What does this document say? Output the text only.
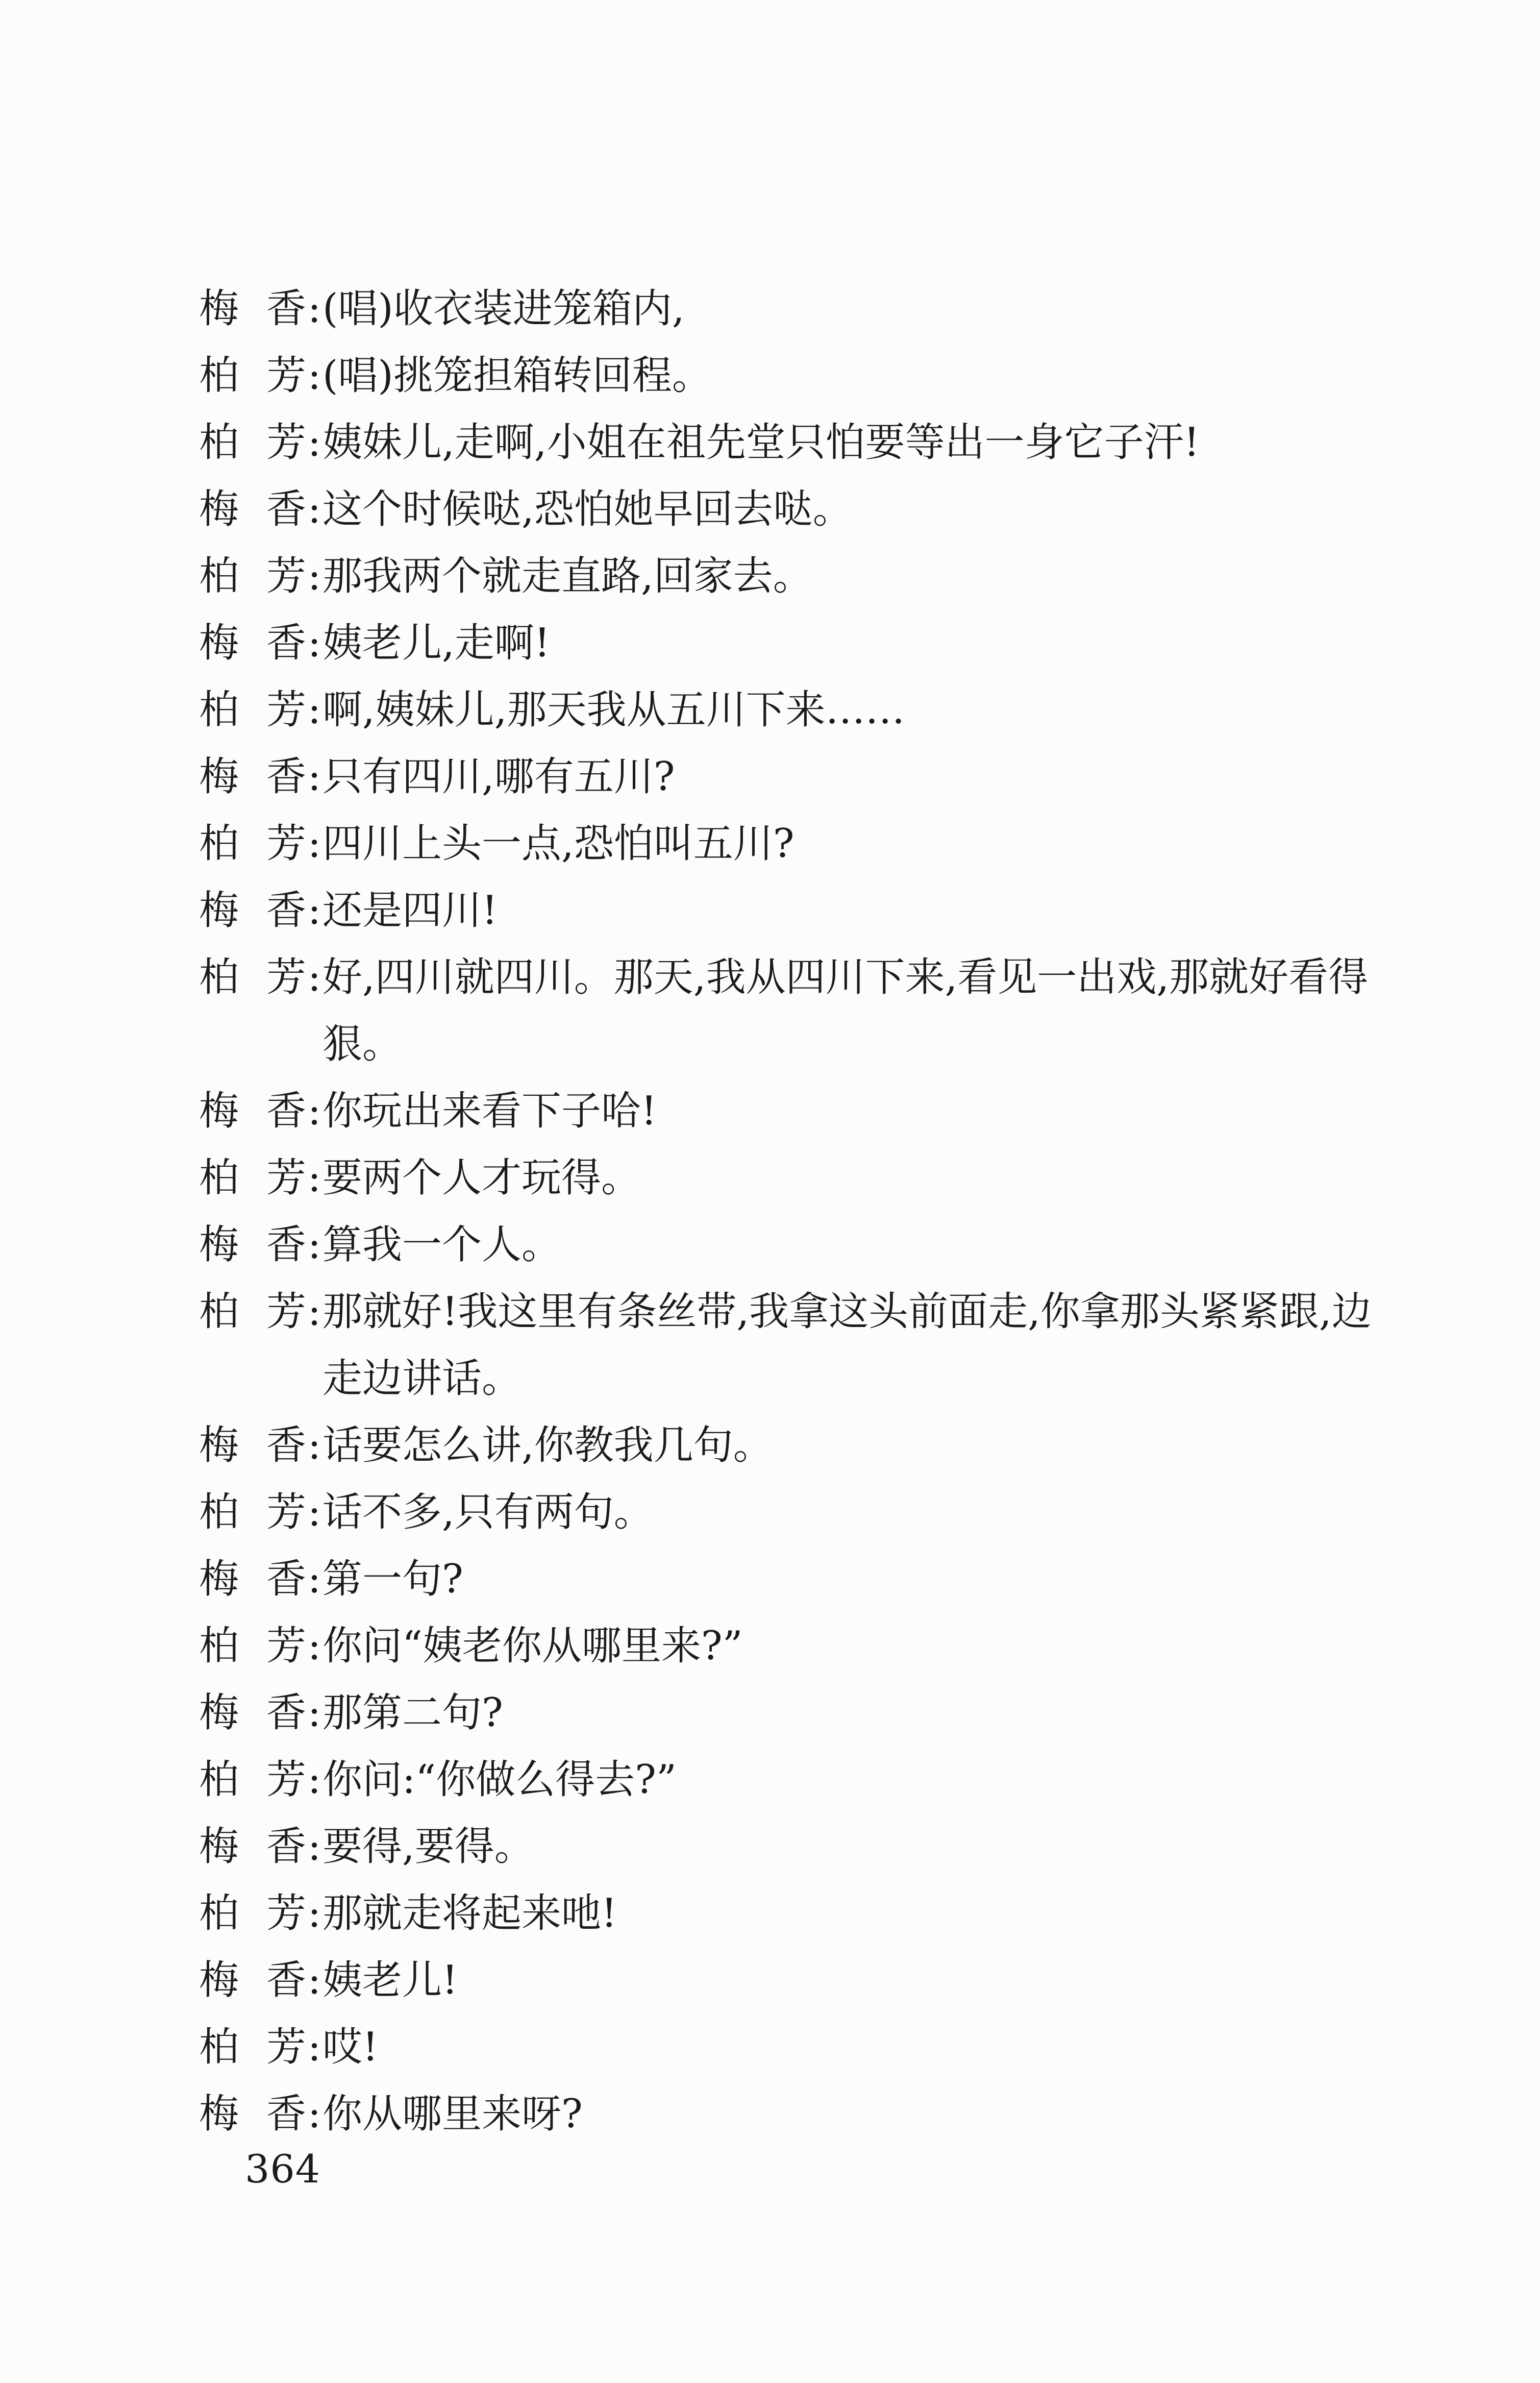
梅 香 : (唱)收衣装进笼箱内,
柏 芳 : (唱)挑笼担箱转回程。
柏 芳 : 姨妹儿,走啊,小姐在祖先堂只怕要等出一身它子汗!
梅 香 : 这个时候哒,恐怕她早回去哒。
柏 芳 : 那我两个就走直路,回家去。
梅 香 : 姨老儿,走啊!
柏 芳 : 啊,姨妹儿,那天我从五川下来……
梅 香 : 只有四川,哪有五川?
柏 芳 : 四川上头一点,恐怕叫五川?
梅 香 : 还是四川!
柏 芳 : 好,四川就四川。那天,我从四川下来,看见一出戏,那就好看得狠。
梅 香 : 你玩出来看下子哈!
柏 芳 : 要两个人才玩得。
梅 香 : 算我一个人。
柏 芳 : 那就好!我这里有条丝带,我拿这头前面走,你拿那头紧紧跟,边走边讲话。
梅 香 : 话要怎么讲,你教我几句。
柏 芳 : 话不多,只有两句。
梅 香 : 第一句?
柏 芳 : 你问“姨老你从哪里来?”
梅 香 : 那第二句?
柏 芳 : 你问:“你做么得去?”
梅 香 : 要得,要得。
柏 芳 : 那就走将起来吔!
梅 香 : 姨老儿!
柏 芳 : 哎!
梅 香 : 你从哪里来呀?
364
